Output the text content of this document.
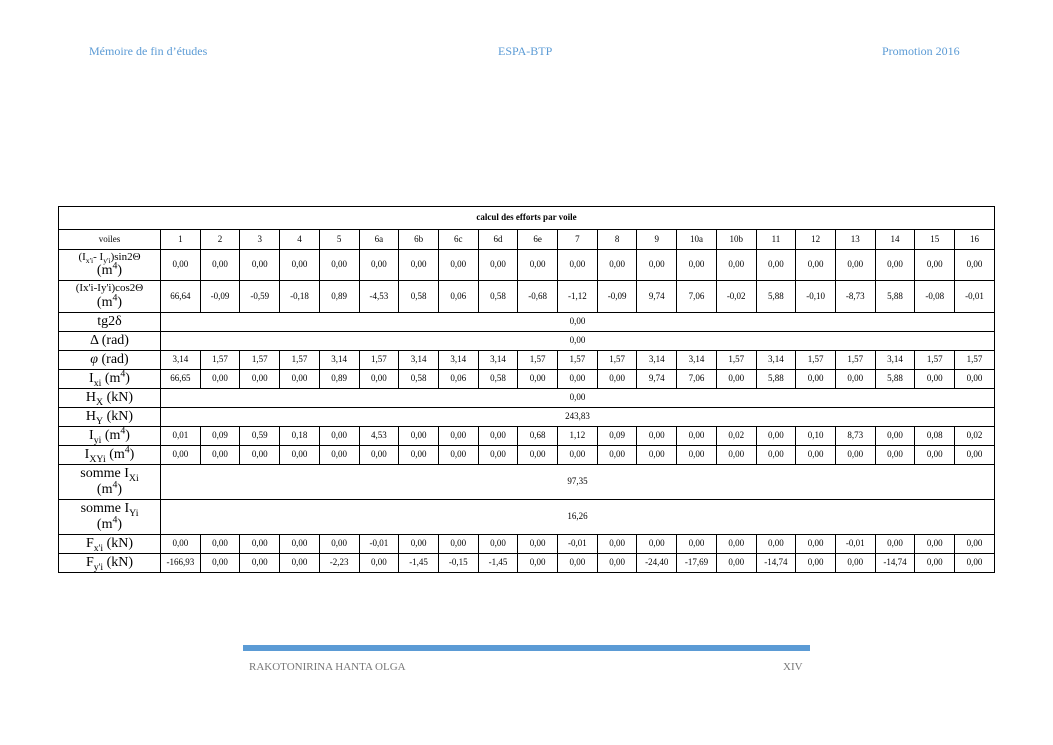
Mémoire de fin d’études	ESPA-BTP	Promotion 2016
calcul des efforts par voile																					
voiles	1	2	3	4	5	6a	6b	6c	6d	6e	7	8	9	10a	10b	11	12	13	14	15	16
($I_{x'i}-$ $I_{y'i})\sin 2\Theta$
$(m^4)$	0,00	0,00	0,00	0,00	0,00	0,00	0,00	0,00	0,00	0,00	0,00	0,00	0,00	0,00	0,00	0,00	0,00	0,00	0,00	0,00	0,00
(Ix'i-Iy'i)cos2Θ
$(m^4)$	66,64	-0,09	-0,59	-0,18	0,89	-4,53	0,58	0,06	0,58	-0,68	-1,12	-0,09	9,74	7,06	-0,02	5,88	-0,10	-8,73	5,88	-0,08	-0,01
tg2δ	0,00																				
Δ (rad)	0,00																				
φ (rad)	3,14	1,57	1,57	1,57	3,14	1,57	3,14	3,14	3,14	1,57	1,57	1,57	3,14	3,14	1,57	3,14	1,57	1,57	3,14	1,57	1,57
$I_{xi}$ $(m^4)$	66,65	0,00	0,00	0,00	0,89	0,00	0,58	0,06	0,58	0,00	0,00	0,00	9,74	7,06	0,00	5,88	0,00	0,00	5,88	0,00	0,00
$H_X$ (kN)	0,00																				
$H_Y$ (kN)	243,83																				
$I_{yi}$ $(m^4)$	0,01	0,09	0,59	0,18	0,00	4,53	0,00	0,00	0,00	0,68	1,12	0,09	0,00	0,00	0,02	0,00	0,10	8,73	0,00	0,08	0,02
$I_{XYi}$ $(m^4)$	0,00	0,00	0,00	0,00	0,00	0,00	0,00	0,00	0,00	0,00	0,00	0,00	0,00	0,00	0,00	0,00	0,00	0,00	0,00	0,00	0,00
somme $I_{Xi}$
$(m^4)$	97,35																				
somme $I_{Yi}$
$(m^4)$	16,26																				
$F_{x'i}$ (kN)	0,00	0,00	0,00	0,00	0,00	-0,01	0,00	0,00	0,00	0,00	-0,01	0,00	0,00	0,00	0,00	0,00	0,00	-0,01	0,00	0,00	0,00
$F_{y'i}$ (kN)	-166,93	0,00	0,00	0,00	-2,23	0,00	-1,45	-0,15	-1,45	0,00	0,00	0,00	-24,40	-17,69	0,00	-14,74	0,00	0,00	-14,74	0,00	0,00
RAKOTONIRINA HANTA OLGA	XIV
